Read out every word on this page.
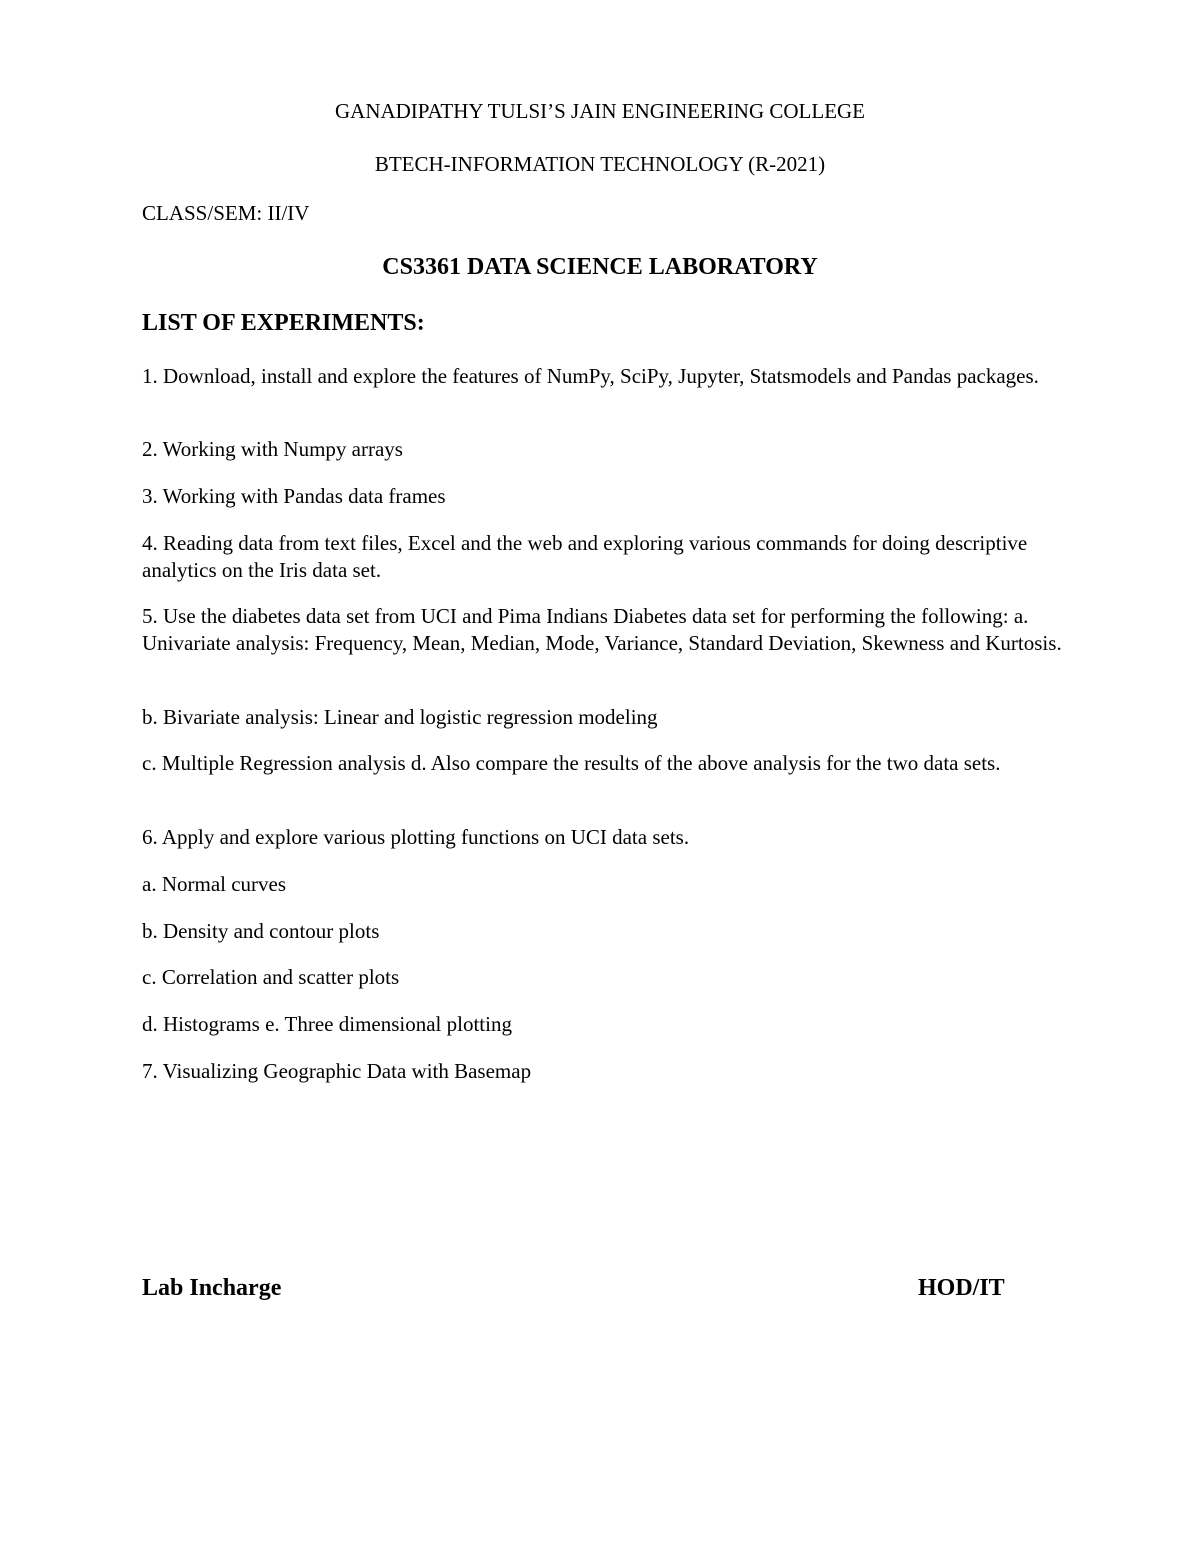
GANADIPATHY TULSI’S JAIN ENGINEERING COLLEGE

BTECH-INFORMATION TECHNOLOGY (R-2021)

CLASS/SEM: II/IV

CS3361 DATA SCIENCE LABORATORY

LIST OF EXPERIMENTS:

1. Download, install and explore the features of NumPy, SciPy, Jupyter, Statsmodels and Pandas packages.

2. Working with Numpy arrays

3. Working with Pandas data frames

4. Reading data from text files, Excel and the web and exploring various commands for doing descriptive analytics on the Iris data set.

5. Use the diabetes data set from UCI and Pima Indians Diabetes data set for performing the following: a. Univariate analysis: Frequency, Mean, Median, Mode, Variance, Standard Deviation, Skewness and Kurtosis.

b. Bivariate analysis: Linear and logistic regression modeling

c. Multiple Regression analysis d. Also compare the results of the above analysis for the two data sets.

6. Apply and explore various plotting functions on UCI data sets.

a. Normal curves

b. Density and contour plots

c. Correlation and scatter plots

d. Histograms e. Three dimensional plotting

7. Visualizing Geographic Data with Basemap

Lab Incharge	HOD/IT
